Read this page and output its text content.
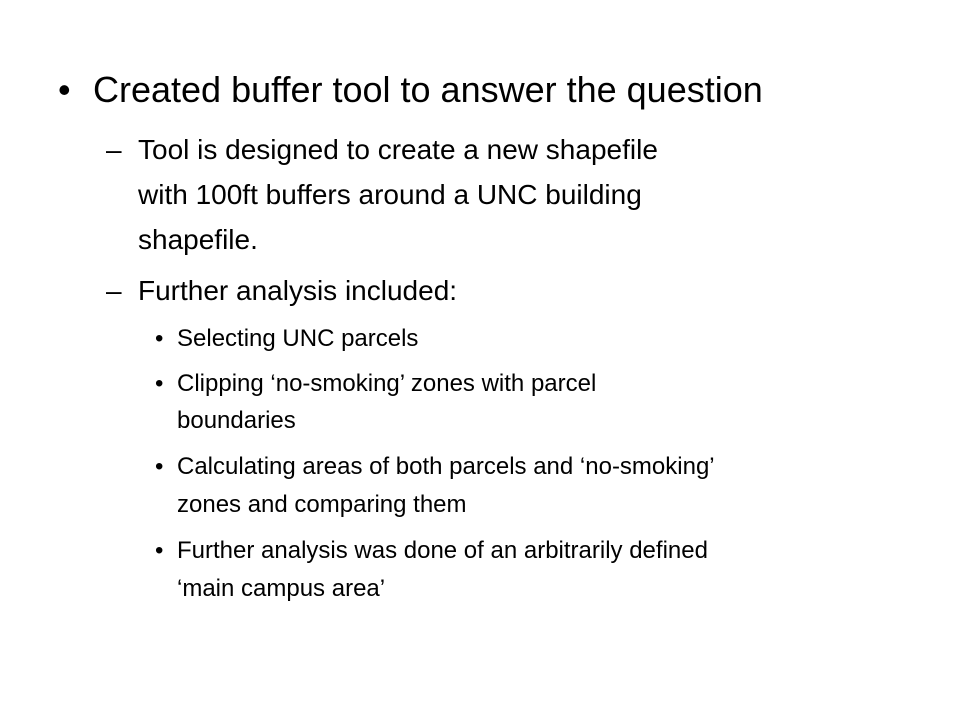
• Created buffer tool to answer the question
– Tool is designed to create a new shapefile
with 100ft buffers around a UNC building
shapefile.
– Further analysis included:
• Selecting UNC parcels
• Clipping ‘no-smoking’ zones with parcel
boundaries
• Calculating areas of both parcels and ‘no-smoking’
zones and comparing them
• Further analysis was done of an arbitrarily defined
‘main campus area’
